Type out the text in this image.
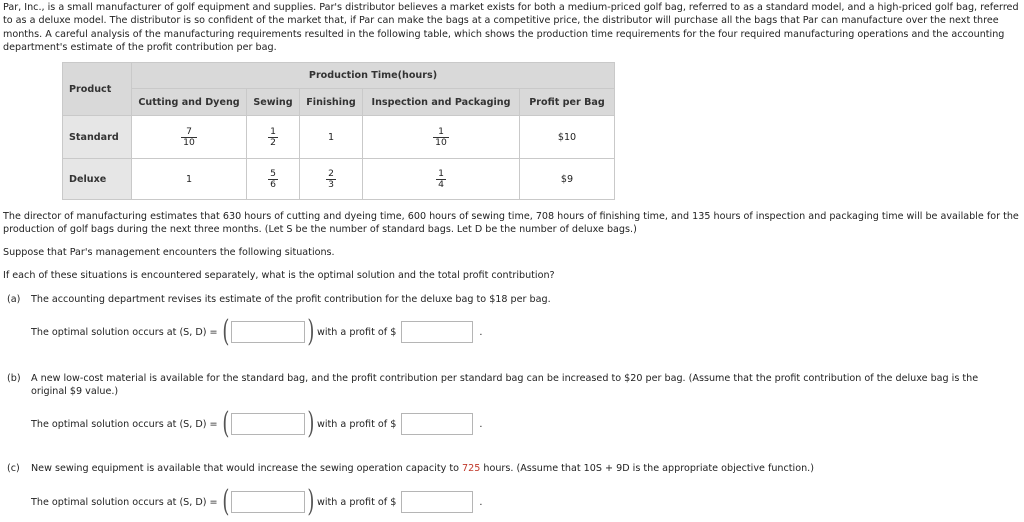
Par, Inc., is a small manufacturer of golf equipment and supplies. Par's distributor believes a market exists for both a medium-priced golf bag, referred to as a standard model, and a high-priced golf bag, referred to as a deluxe model. The distributor is so confident of the market that, if Par can make the bags at a competitive price, the distributor will purchase all the bags that Par can manufacture over the next three months. A careful analysis of the manufacturing requirements resulted in the following table, which shows the production time requirements for the four required manufacturing operations and the accounting department's estimate of the profit contribution per bag.
Product	Production Time(hours)				
	Cutting and Dyeng	Sewing	Finishing	Inspection and Packaging	Profit per Bag
Standard	$\frac{7}{10}$	$\frac{1}{2}$	1	$\frac{1}{10}$	$10
Deluxe	1	$\frac{5}{6}$	$\frac{2}{3}$	$\frac{1}{4}$	$9
The director of manufacturing estimates that 630 hours of cutting and dyeing time, 600 hours of sewing time, 708 hours of finishing time, and 135 hours of inspection and packaging time will be available for the production of golf bags during the next three months. (Let S be the number of standard bags. Let D be the number of deluxe bags.)
Suppose that Par's management encounters the following situations.
If each of these situations is encountered separately, what is the optimal solution and the total profit contribution?
(a) The accounting department revises its estimate of the profit contribution for the deluxe bag to $18 per bag.
The optimal solution occurs at (S, D) = (	) with a profit of $	.
(b)	A new low-cost material is available for the standard bag, and the profit contribution per standard bag can be increased to $20 per bag. (Assume that the profit contribution of the deluxe bag is the original $9 value.)
The optimal solution occurs at (S, D) = (	) with a profit of $	.
(c) New sewing equipment is available that would increase the sewing operation capacity to 725 hours. (Assume that 10S + 9D is the appropriate objective function.)
The optimal solution occurs at (S, D) = (	) with a profit of $	.
